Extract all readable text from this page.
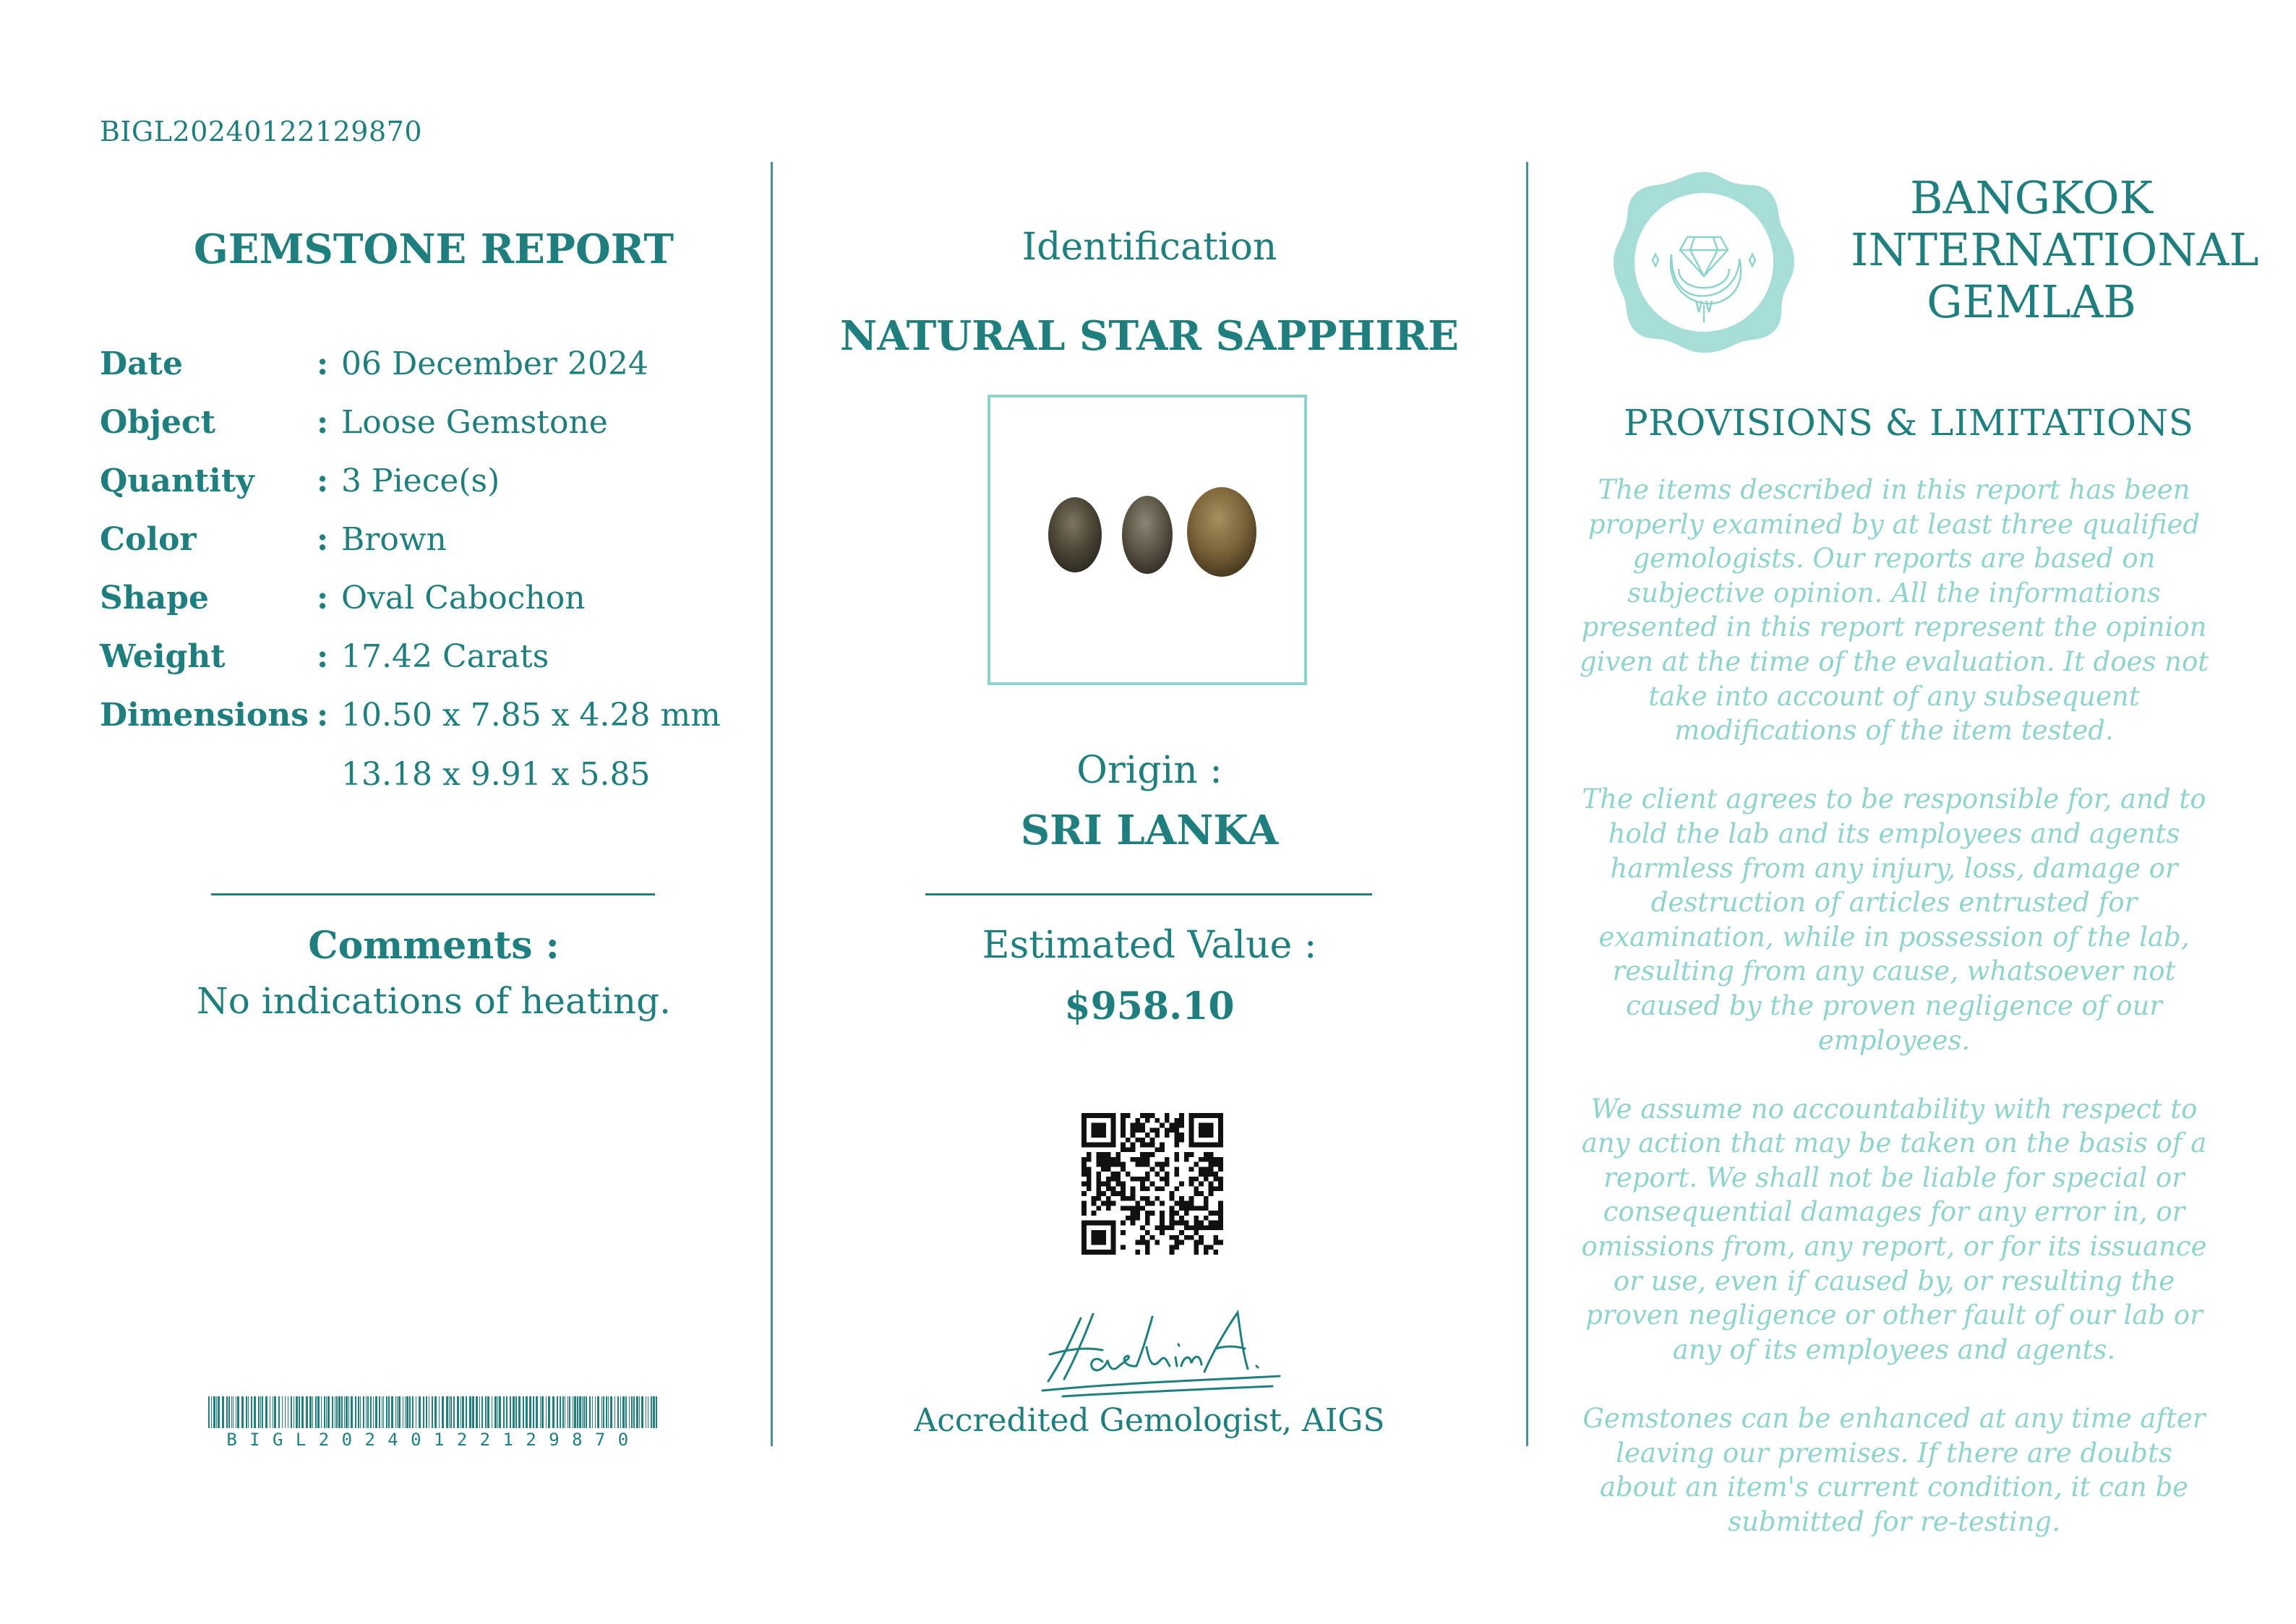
BIGL20240122129870
GEMSTONE REPORT
Date	: 06 December 2024
Object	: Loose Gemstone
Quantity : 3 Piece(s)
Color	: Brown
Shape	: Oval Cabochon
Weight	: 17.42 Carats
Dimensions : 10.50 x 7.85 x 4.28 mm
13.18 x 9.91 x 5.85
Comments :
No indications of heating.
BIGL20240122129870
Identification
NATURAL STAR SAPPHIRE
Origin :
SRI LANKA
Estimated Value :
$958.10
Accredited Gemologist, AIGS
BANGKOK
INTERNATIONAL
GEMLAB
PROVISIONS & LIMITATIONS

The items described in this report has been properly examined by at least three qualified gemologists. Our reports are based on subjective opinion. All the informations presented in this report represent the opinion given at the time of the evaluation. It does not take into account of any subsequent modifications of the item tested.

The client agrees to be responsible for, and to hold the lab and its employees and agents harmless from any injury, loss, damage or destruction of articles entrusted for examination, while in possession of the lab, resulting from any cause, whatsoever not caused by the proven negligence of our employees.

We assume no accountability with respect to any action that may be taken on the basis of a report. We shall not be liable for special or consequential damages for any error in, or omissions from, any report, or for its issuance or use, even if caused by, or resulting the proven negligence or other fault of our lab or any of its employees and agents.

Gemstones can be enhanced at any time after leaving our premises. If there are doubts about an item's current condition, it can be submitted for re-testing.
